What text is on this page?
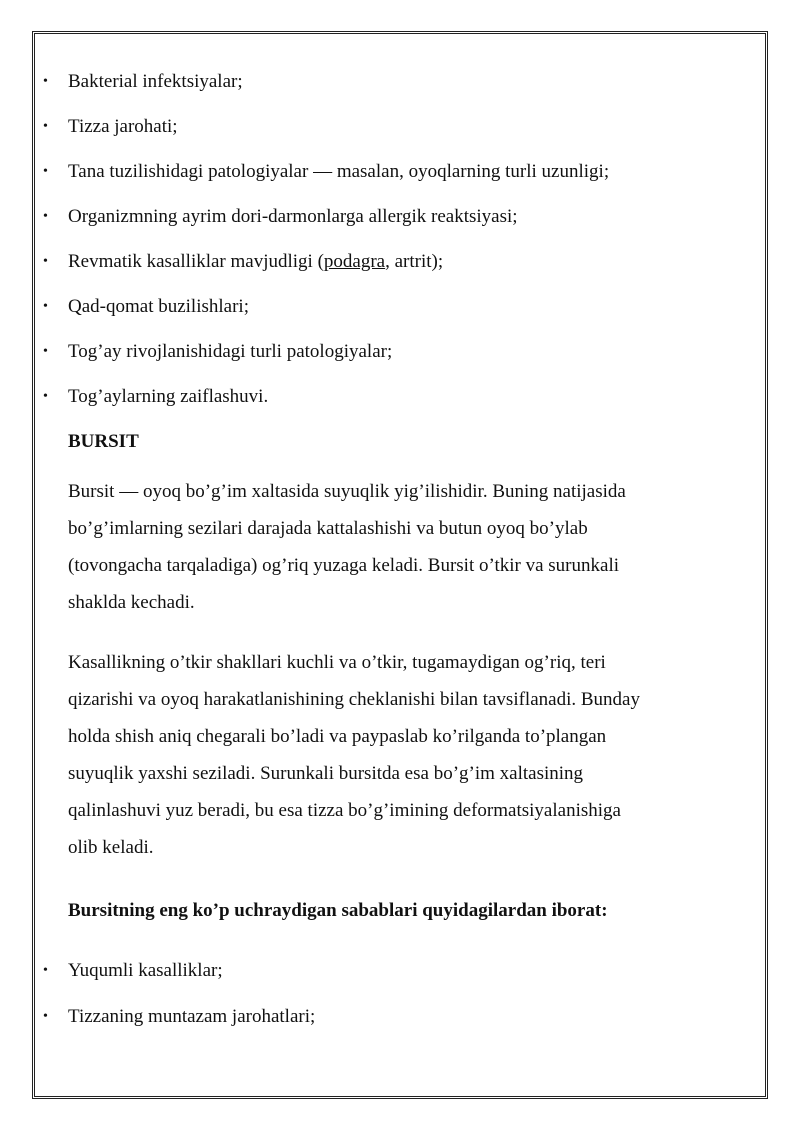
• Bakterial infektsiyalar;
• Tizza jarohati;
• Tana tuzilishidagi patologiyalar — masalan, oyoqlarning turli uzunligi;
• Organizmning ayrim dori-darmonlarga allergik reaktsiyasi;
• Revmatik kasalliklar mavjudligi (podagra, artrit);
• Qad-qomat buzilishlari;
• Tog’ay rivojlanishidagi turli patologiyalar;
• Tog’aylarning zaiflashuvi.
BURSIT
Bursit — oyoq bo’g’im xaltasida suyuqlik yig’ilishidir. Buning natijasida
bo’g’imlarning sezilari darajada kattalashishi va butun oyoq bo’ylab
(tovongacha tarqaladiga) og’riq yuzaga keladi. Bursit o’tkir va surunkali
shaklda kechadi.
Kasallikning o’tkir shakllari kuchli va o’tkir, tugamaydigan og’riq, teri
qizarishi va oyoq harakatlanishining cheklanishi bilan tavsiflanadi. Bunday
holda shish aniq chegarali bo’ladi va paypaslab ko’rilganda to’plangan
suyuqlik yaxshi seziladi. Surunkali bursitda esa bo’g’im xaltasining
qalinlashuvi yuz beradi, bu esa tizza bo’g’imining deformatsiyalanishiga
olib keladi.
Bursitning eng ko’p uchraydigan sabablari quyidagilardan iborat:
• Yuqumli kasalliklar;
• Tizzaning muntazam jarohatlari;
